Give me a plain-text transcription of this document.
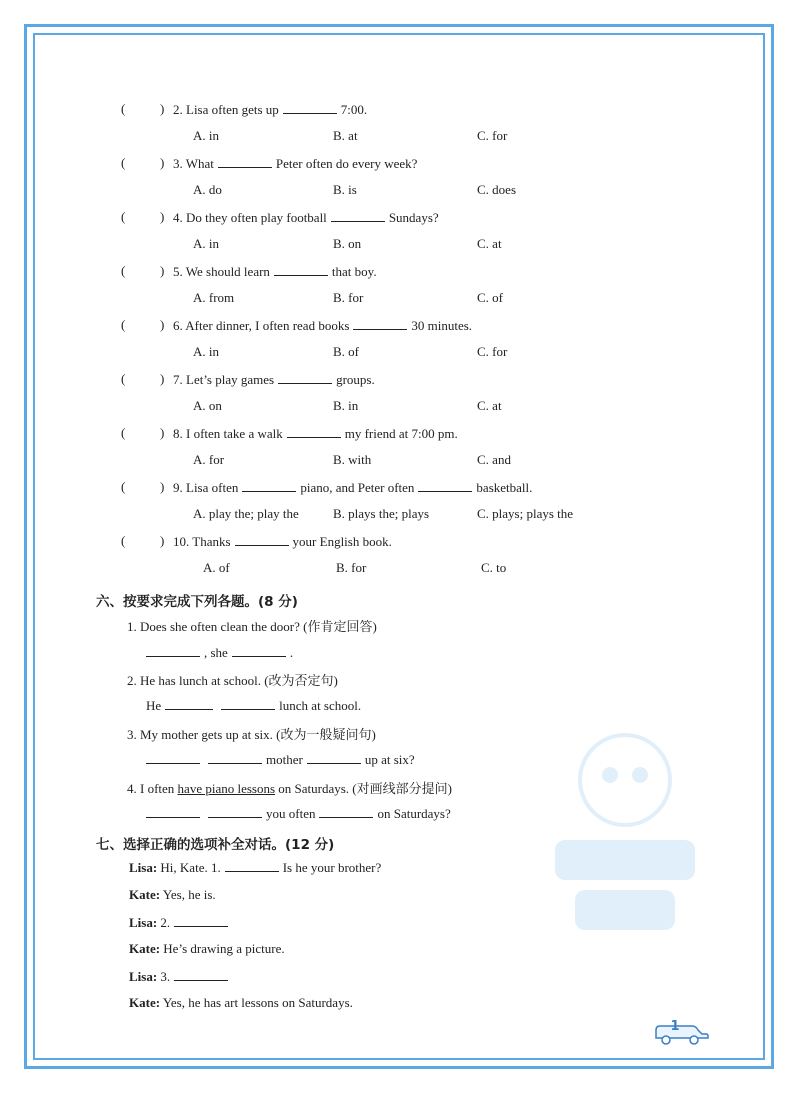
(	) 2. Lisa often gets up	7:00.
A. in	B. at	C. for
(	) 3. What	Peter often do every week?
A. do	B. is	C. does
(	) 4. Do they often play football	Sundays?
A. in	B. on	C. at
(	) 5. We should learn	that boy.
A. from	B. for	C. of
(	) 6. After dinner, I often read books	30 minutes.
A. in	B. of	C. for
(	) 7. Let’s play games	groups.
A. on	B. in	C. at
(	) 8. I often take a walk	my friend at 7:00 pm.
A. for	B. with	C. and
(	) 9. Lisa often	piano, and Peter often	basketball.
A. play the; play the	B. plays the; plays	C. plays; plays the
(	) 10. Thanks	your English book.
A. of	B. for	C. to
六、按要求完成下列各题。(8 分)
1. Does she often clean the door? (作肯定回答)
, she	.
2. He has lunch at school. (改为否定句)
He	lunch at school.
3. My mother gets up at six. (改为一般疑问句)
mother	up at six?
4. I often have piano lessons on Saturdays. (对画线部分提问)
you often	on Saturdays?
七、选择正确的选项补全对话。(12 分)
Lisa: Hi, Kate. 1.	Is he your brother?
Kate: Yes, he is.
Lisa: 2.
Kate: He’s drawing a picture.
Lisa: 3.
Kate: Yes, he has art lessons on Saturdays.
1
